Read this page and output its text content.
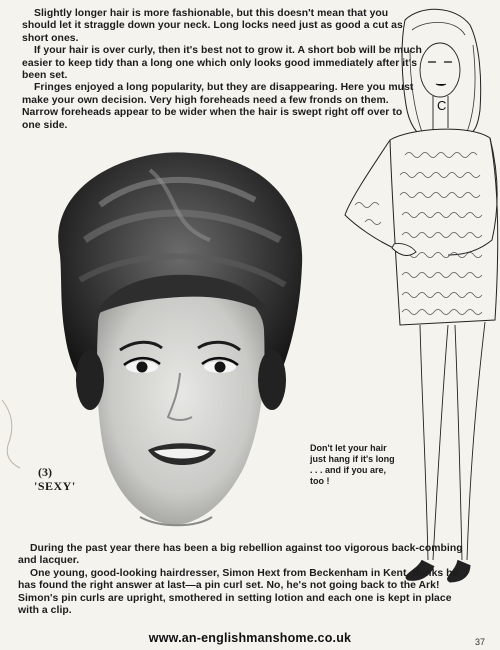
Slightly longer hair is more fashionable, but this doesn't mean that you should let it straggle down your neck. Long locks need just as good a cut as short ones.

If your hair is over curly, then it's best not to grow it. A short bob will be much easier to keep tidy than a long one which only looks good immediately after it's been set.

Fringes enjoyed a long popularity, but they are disappearing. Here you must make your own decision. Very high foreheads need a few fronds on them. Narrow foreheads appear to be wider when the hair is swept right off over to one side.

(3)
'SEXY'
C
Don't let your hair just hang if it's long . . . and if you are, too !

During the past year there has been a big rebellion against too vigorous back-combing and lacquer.

One young, good-looking hairdresser, Simon Hext from Beckenham in Kent, thinks he has found the right answer at last—a pin curl set. No, he's not going back to the Ark! Simon's pin curls are upright, smothered in setting lotion and each one is kept in place with a clip.

www.an-englishmanshome.co.uk	37
